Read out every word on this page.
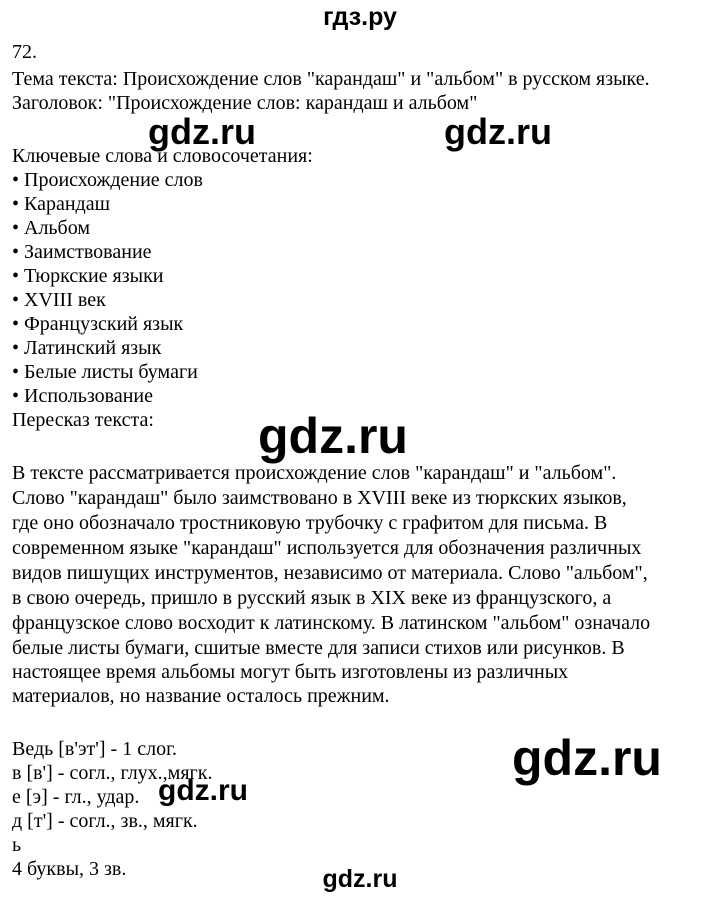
гдз.ру
72.
Тема текста: Происхождение слов "карандаш" и "альбом" в русском языке.
Заголовок: "Происхождение слов: карандаш и альбом"
gdz.ru	gdz.ru
Ключевые слова и словосочетания:
• Происхождение слов
• Карандаш
• Альбом
• Заимствование
• Тюркские языки
• XVIII век
• Французский язык
• Латинский язык
• Белые листы бумаги
• Использование
Пересказ текста: gdz.ru
В тексте рассматривается происхождение слов "карандаш" и "альбом".
Слово "карандаш" было заимствовано в XVIII веке из тюркских языков,
где оно обозначало тростниковую трубочку с графитом для письма. В
современном языке "карандаш" используется для обозначения различных
видов пишущих инструментов, независимо от материала. Слово "альбом",
в свою очередь, пришло в русский язык в XIX веке из французского, а
французское слово восходит к латинскому. В латинском "альбом" означало
белые листы бумаги, сшитые вместе для записи стихов или рисунков. В
настоящее время альбомы могут быть изготовлены из различных
материалов, но название осталось прежним.
Ведь [в'эт'] - 1 слог.
в [в'] - согл., глух.,мягк.
е [э] - гл., удар.
д [т'] - согл., зв., мягк.
ь
4 буквы, 3 зв.
gdz.ru
gdz.ru
gdz.ru
